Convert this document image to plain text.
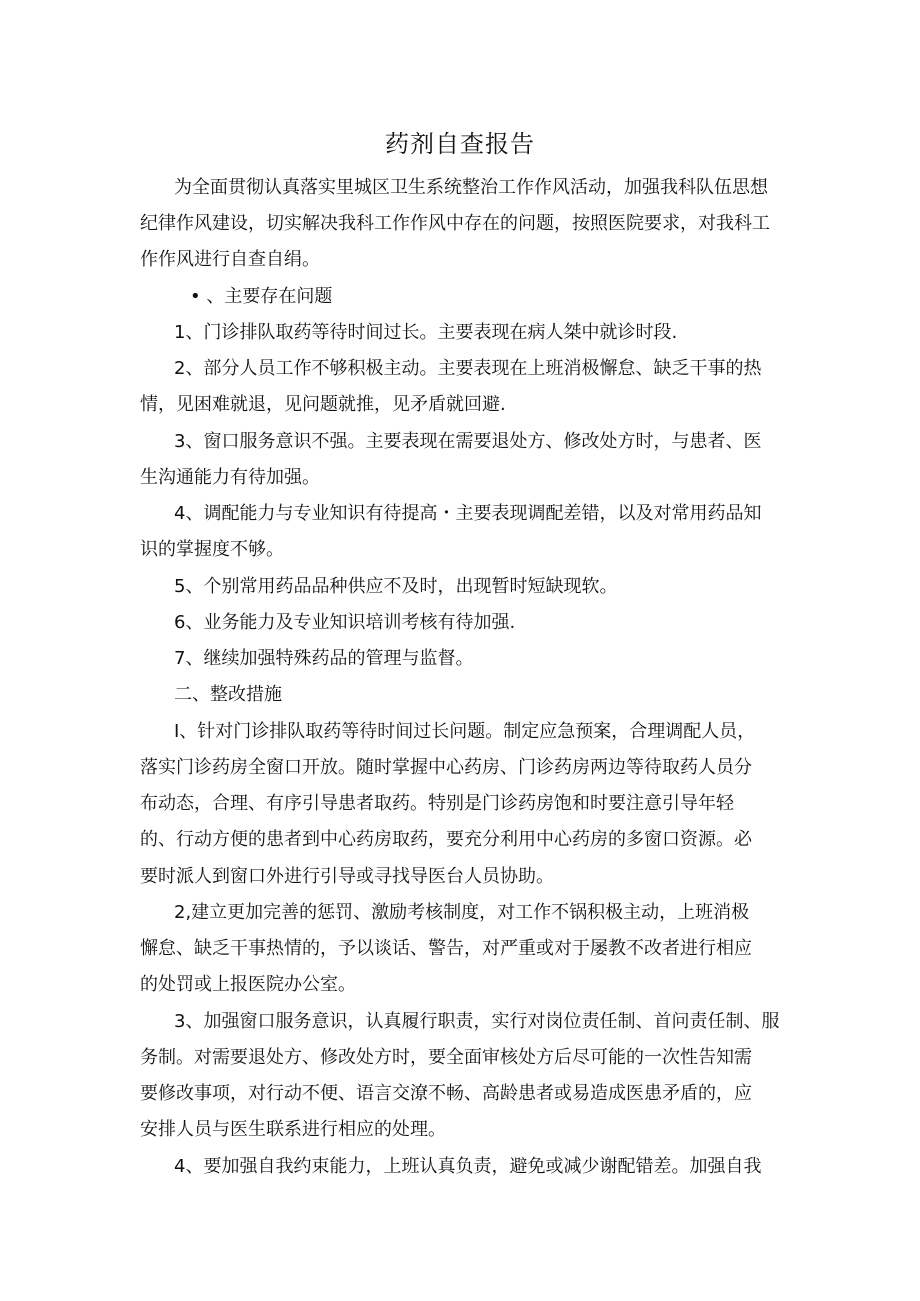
药剂自查报告
为全面贯彻认真落实里城区卫生系统整治工作作风活动，加强我科队伍思想
纪律作风建设，切实解决我科工作作风中存在的问题，按照医院要求，对我科工
作作风进行自查自绢。
• 、主要存在问题
1、门诊排队取药等待时间过长。主要表现在病人桀中就诊时段.
2、部分人员工作不够积极主动。主要表现在上班消极懈怠、缺乏干事的热
情，见困难就退，见问题就推，见矛盾就回避.
3、窗口服务意识不强。主要表现在需要退处方、修改处方时，与患者、医
生沟通能力有待加强。
4、调配能力与专业知识有待提高・主要表现调配差错，以及对常用药品知
识的掌握度不够。
5、个别常用药品品种供应不及时，出现暂时短缺现软。
6、业务能力及专业知识培训考核有待加强.
7、继续加强特殊药品的管理与监督。
二、整改措施
I、针对门诊排队取药等待时间过长问题。制定应急预案，合理调配人员，
落实门诊药房全窗口开放。随时掌握中心药房、门诊药房两边等待取药人员分
布动态，合理、有序引导患者取药。特别是门诊药房饱和时要注意引导年轻
的、行动方便的患者到中心药房取药，要充分利用中心药房的多窗口资源。必
要时派人到窗口外进行引导或寻找导医台人员协助。
2,建立更加完善的惩罚、激励考核制度，对工作不锅积极主动，上班消极
懈怠、缺乏干事热情的，予以谈话、警告，对严重或对于屡教不改者进行相应
的处罚或上报医院办公室。
3、加强窗口服务意识，认真履行职责，实行对岗位责任制、首问责任制、服
务制。对需要退处方、修改处方时，要全面审核处方后尽可能的一次性告知需
要修改事项，对行动不便、语言交潦不畅、高龄患者或易造成医患矛盾的，应
安排人员与医生联系进行相应的处理。
4、要加强自我约束能力，上班认真负责，避免或减少谢配错差。加强自我
